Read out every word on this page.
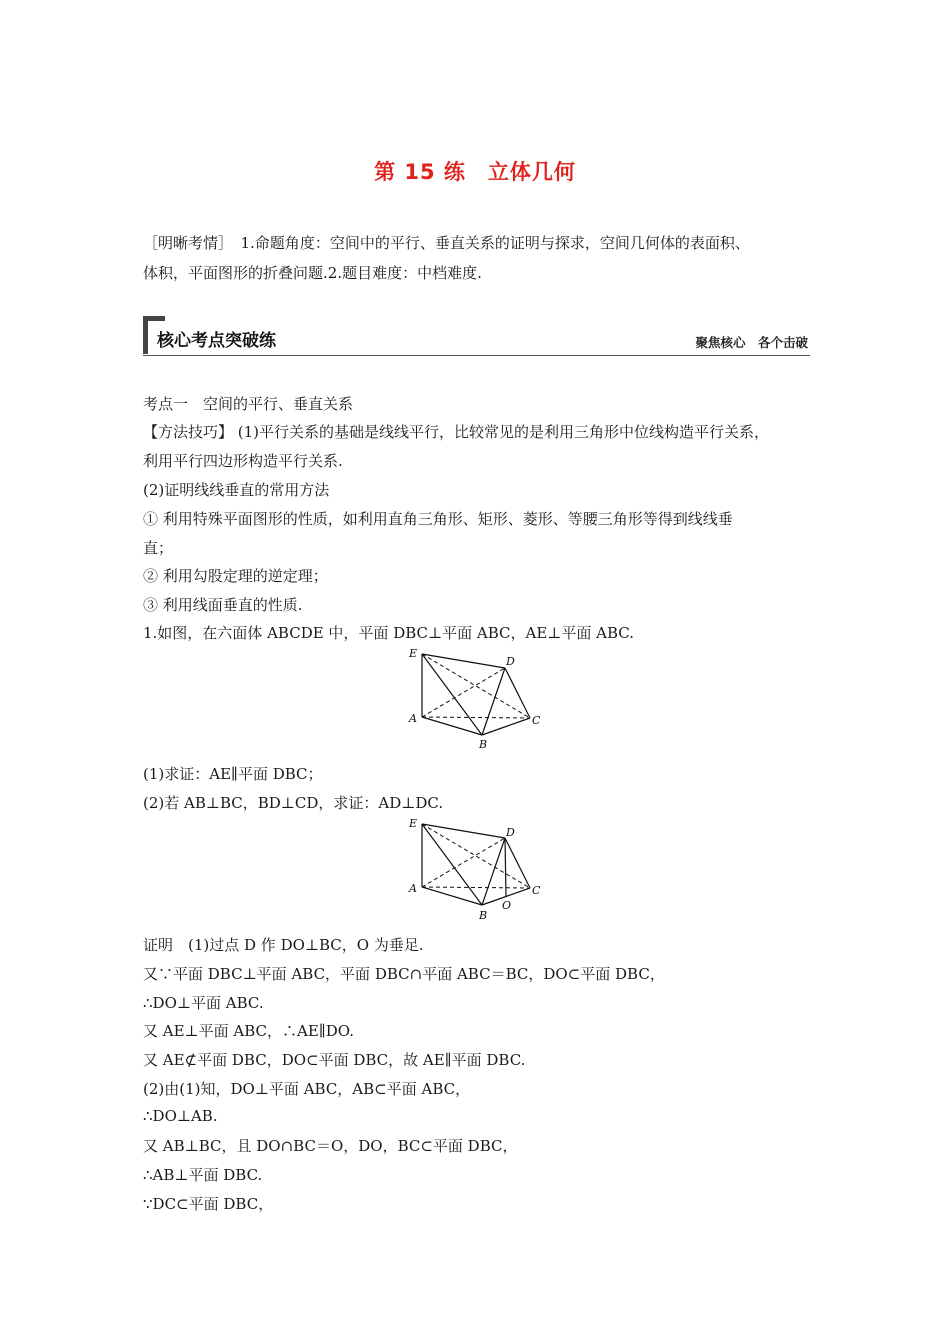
第 15 练　立体几何
［明晰考情］　1.命题角度：空间中的平行、垂直关系的证明与探求，空间几何体的表面积、
体积，平面图形的折叠问题.2.题目难度：中档难度.
核心考点突破练	聚焦核心　各个击破
考点一　空间的平行、垂直关系
【方法技巧】 (1)平行关系的基础是线线平行，比较常见的是利用三角形中位线构造平行关系，
利用平行四边形构造平行关系.
(2)证明线线垂直的常用方法
① 利用特殊平面图形的性质，如利用直角三角形、矩形、菱形、等腰三角形等得到线线垂
直；
② 利用勾股定理的逆定理；
③ 利用线面垂直的性质.
1.如图，在六面体 ABCDE 中，平面 DBC⊥平面 ABC，AE⊥平面 ABC.
E
D
A
B
C
(1)求证：AE∥平面 DBC；
(2)若 AB⊥BC，BD⊥CD，求证：AD⊥DC.
E
D
A
B
C
O
证明　(1)过点 D 作 DO⊥BC，O 为垂足.
又∵平面 DBC⊥平面 ABC，平面 DBC∩平面 ABC＝BC，DO⊂平面 DBC，
∴DO⊥平面 ABC.
又 AE⊥平面 ABC，∴AE∥DO.
又 AE⊄平面 DBC，DO⊂平面 DBC，故 AE∥平面 DBC.
(2)由(1)知，DO⊥平面 ABC，AB⊂平面 ABC，
∴DO⊥AB.
又 AB⊥BC，且 DO∩BC＝O，DO，BC⊂平面 DBC，
∴AB⊥平面 DBC.
∵DC⊂平面 DBC，
